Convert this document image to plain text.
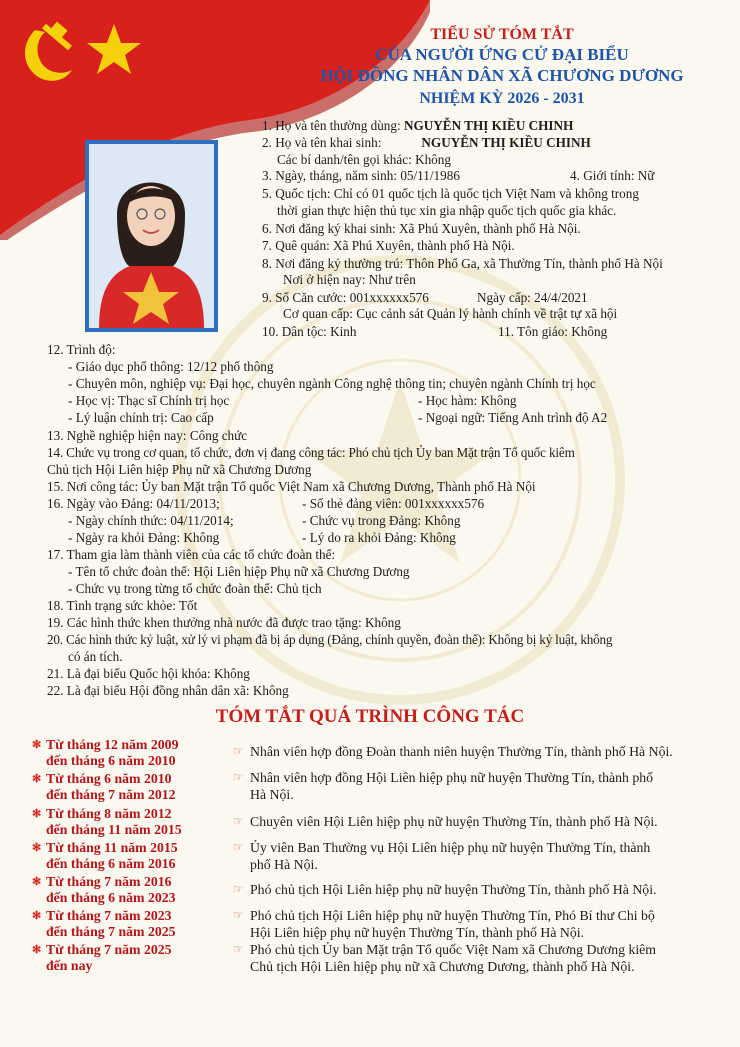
TIỂU SỬ TÓM TẮT
CỦA NGƯỜI ỨNG CỬ ĐẠI BIỂU
HỘI ĐỒNG NHÂN DÂN XÃ CHƯƠNG DƯƠNG
NHIỆM KỲ 2026 - 2031
1. Họ và tên thường dùng: NGUYỄN THỊ KIỀU CHINH
2. Họ và tên khai sinh:	NGUYỄN THỊ KIỀU CHINH
Các bí danh/tên gọi khác: Không
3. Ngày, tháng, năm sinh: 05/11/1986	4. Giới tính: Nữ
5. Quốc tịch: Chỉ có 01 quốc tịch là quốc tịch Việt Nam và không trong
thời gian thực hiện thủ tục xin gia nhập quốc tịch quốc gia khác.
6. Nơi đăng ký khai sinh: Xã Phú Xuyên, thành phố Hà Nội.
7. Quê quán: Xã Phú Xuyên, thành phố Hà Nội.
8. Nơi đăng ký thường trú: Thôn Phố Ga, xã Thường Tín, thành phố Hà Nội
Nơi ở hiện nay: Như trên
9. Số Căn cước: 001xxxxxx576	Ngày cấp: 24/4/2021
Cơ quan cấp: Cục cảnh sát Quản lý hành chính về trật tự xã hội
10. Dân tộc: Kinh	11. Tôn giáo: Không
12. Trình độ:
- Giáo dục phổ thông: 12/12 phổ thông
- Chuyên môn, nghiệp vụ: Đại học, chuyên ngành Công nghệ thông tin; chuyên ngành Chính trị học
- Học vị: Thạc sĩ Chính trị học	- Học hàm: Không
- Lý luận chính trị: Cao cấp	- Ngoại ngữ: Tiếng Anh trình độ A2
13. Nghề nghiệp hiện nay: Công chức
14. Chức vụ trong cơ quan, tổ chức, đơn vị đang công tác: Phó chủ tịch Ủy ban Mặt trận Tổ quốc kiêm
Chủ tịch Hội Liên hiệp Phụ nữ xã Chương Dương
15. Nơi công tác: Ủy ban Mặt trận Tổ quốc Việt Nam xã Chương Dương, Thành phố Hà Nội
16. Ngày vào Đảng: 04/11/2013;	- Số thẻ đảng viên: 001xxxxxx576
- Ngày chính thức: 04/11/2014;	- Chức vụ trong Đảng: Không
- Ngày ra khỏi Đảng: Không	- Lý do ra khỏi Đảng: Không
17. Tham gia làm thành viên của các tổ chức đoàn thể:
- Tên tổ chức đoàn thể: Hội Liên hiệp Phụ nữ xã Chương Dương
- Chức vụ trong từng tổ chức đoàn thể: Chủ tịch
18. Tình trạng sức khỏe: Tốt
19. Các hình thức khen thưởng nhà nước đã được trao tặng: Không
20. Các hình thức kỷ luật, xử lý vi phạm đã bị áp dụng (Đảng, chính quyền, đoàn thể): Không bị kỷ luật, không
có án tích.
21. Là đại biểu Quốc hội khóa: Không
22. Là đại biểu Hội đồng nhân dân xã: Không
TÓM TẮT QUÁ TRÌNH CÔNG TÁC
✻ Từ tháng 12 năm 2009
đến tháng 6 năm 2010
☞ Nhân viên hợp đồng Đoàn thanh niên huyện Thường Tín, thành phố Hà Nội.

✻ Từ tháng 6 năm 2010
đến tháng 7 năm 2012
☞ Nhân viên hợp đồng Hội Liên hiệp phụ nữ huyện Thường Tín, thành phố
Hà Nội.
✻ Từ tháng 8 năm 2012
đến tháng 11 năm 2015
☞ Chuyên viên Hội Liên hiệp phụ nữ huyện Thường Tín, thành phố Hà Nội.

✻ Từ tháng 11 năm 2015
đến tháng 6 năm 2016
☞ Ủy viên Ban Thường vụ Hội Liên hiệp phụ nữ huyện Thường Tín, thành
phố Hà Nội.
✻ Từ tháng 7 năm 2016
đến tháng 6 năm 2023
☞ Phó chủ tịch Hội Liên hiệp phụ nữ huyện Thường Tín, thành phố Hà Nội.

✻ Từ tháng 7 năm 2023
đến tháng 7 năm 2025
☞ Phó chủ tịch Hội Liên hiệp phụ nữ huyện Thường Tín, Phó Bí thư Chi bộ
Hội Liên hiệp phụ nữ huyện Thường Tín, thành phố Hà Nội.
✻ Từ tháng 7 năm 2025
đến nay
☞ Phó chủ tịch Ủy ban Mặt trận Tổ quốc Việt Nam xã Chương Dương kiêm
Chủ tịch Hội Liên hiệp phụ nữ xã Chương Dương, thành phố Hà Nội.
